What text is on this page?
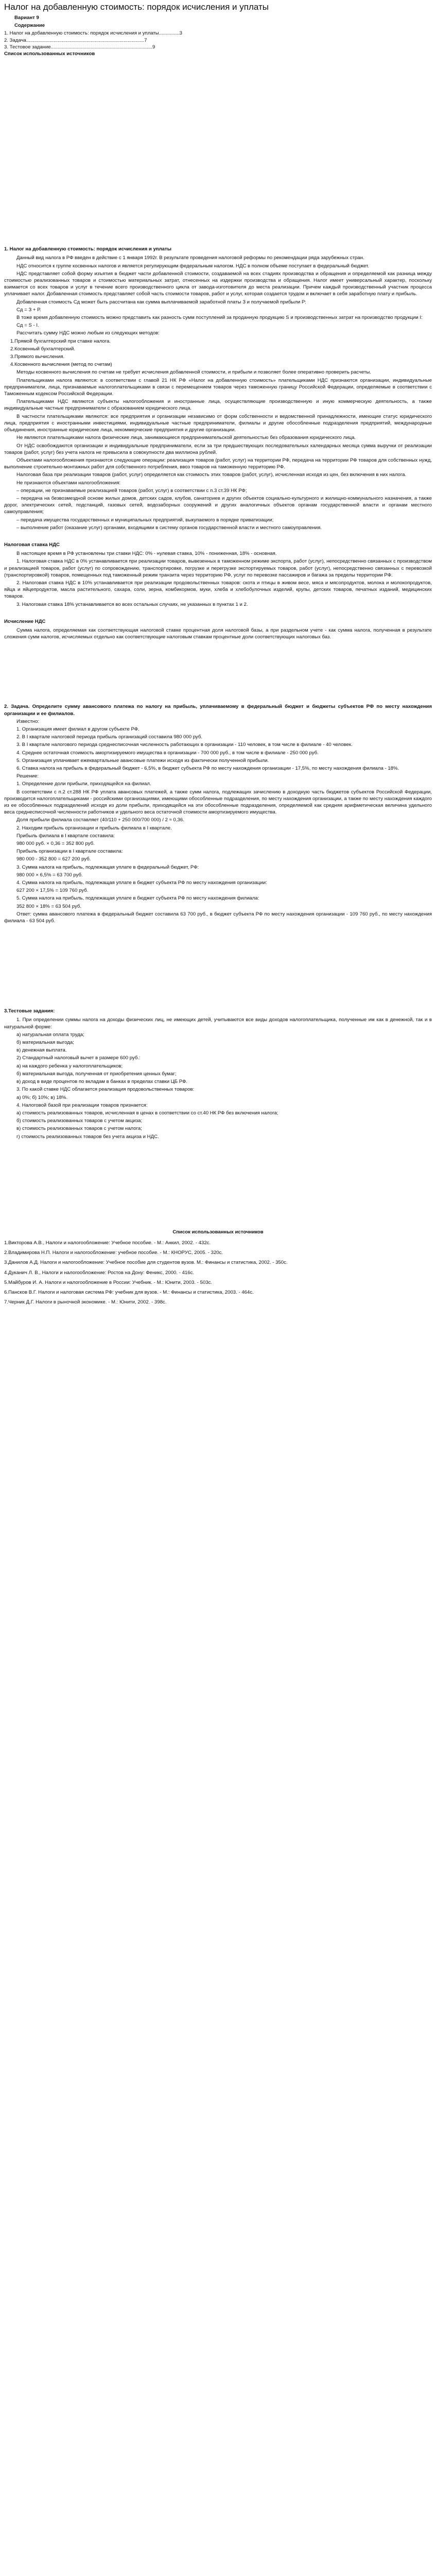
Налог на добавленную стоимость: порядок исчисления и уплаты
Вариант 9
Содержание
1. Налог на добавленную стоимость: порядок исчисления и уплаты...............3
2. Задача......................................................................................7
3. Тестовое задание..........................................................................9
Список использованных источников
1. Налог на добавленную стоимость: порядок исчисления и уплаты

Данный вид налога в РФ введен в действие с 1 января 1992г. В результате проведения налоговой реформы по рекомендации ряда зарубежных стран.

НДС относится к группе косвенных налогов и является регулирующим федеральным налогом. НДС в полном объеме поступает в федеральный бюджет.

НДС представляет собой форму изъятия в бюджет части добавленной стоимости, создаваемой на всех стадиях производства и обращения и определяемой как разница между стоимостью реализованных товаров и стоимостью материальных затрат, отнесенных на издержки производства и обращения. Налог имеет универсальный характер, поскольку взимается со всех товаров и услуг в течение всего производственного цикла от завода-изготовителя до места реализации. Причем каждый производственный участник процесса уплачивает налог. Добавленная стоимость представляет собой часть стоимости товаров, работ и услуг, которая создается трудом и включает в себя заработную плату и прибыль.

Добавленная стоимость Сд может быть рассчитана как сумма выплачиваемой заработной платы З и получаемой прибыли Р:

Сд = З + Р.

В тоже время добавленную стоимость можно представить как разность сумм поступлений за проданную продукцию S и производственных затрат на производство продукции I:

Сд = S - I.

Рассчитать сумму НДС можно любым из следующих методов:

1.Прямой бухгалтерский при ставке налога.
2.Косвенный бухгалтерский.
3.Прямого вычисления.
4.Косвенного вычисления (метод по счетам)

Методы косвенного вычисления по счетам не требует исчисления добавленной стоимости, и прибыли и позволяет более оперативно проверить расчеты.

Плательщиками налога являются: в соответствии с главой 21 НК РФ «Налог на добавленную стоимость» плательщиками НДС признаются организации, индивидуальные предприниматели, лица, признаваемые налогоплательщиками в связи с перемещением товаров через таможенную границу Российской Федерации, определяемые в соответствии с Таможенным кодексом Российской Федерации.

Плательщиками НДС являются субъекты налогообложения и иностранные лица, осуществляющие производственную и иную коммерческую деятельность, а также индивидуальные частные предприниматели с образованием юридического лица.

В частности плательщиками являются: все предприятия и организации независимо от форм собственности и ведомственной принадлежности, имеющие статус юридического лица, предприятия с иностранными инвестициями, индивидуальные частные предприниматели, филиалы и другие обособленные подразделения предприятий, международные объединения, иностранные юридические лица, некоммерческие предприятия и другие организации.

Не являются плательщиками налога физические лица, занимающиеся предпринимательской деятельностью без образования юридического лица.

От НДС освобождаются организации и индивидуальные предприниматели, если за три предшествующих последовательных календарных месяца сумма выручки от реализации товаров (работ, услуг) без учета налога не превысила в совокупности два миллиона рублей.

Объектами налогообложения признаются следующие операции: реализация товаров (работ, услуг) на территории РФ, передача на территории РФ товаров для собственных нужд, выполнение строительно-монтажных работ для собственного потребления, ввоз товаров на таможенную территорию РФ.

Налоговая база при реализации товаров (работ, услуг) определяется как стоимость этих товаров (работ, услуг), исчисленная исходя из цен, без включения в них налога.

Не признаются объектами налогообложения:

– операции, не признаваемые реализацией товаров (работ, услуг) в соответствии с п.3 ст.39 НК РФ;

– передача на безвозмездной основе жилых домов, детских садов, клубов, санаториев и других объектов социально-культурного и жилищно-коммунального назначения, а также дорог, электрических сетей, подстанций, газовых сетей, водозаборных сооружений и других аналогичных объектов органам государственной власти и органам местного самоуправления;

– передача имущества государственных и муниципальных предприятий, выкупаемого в порядке приватизации;

– выполнение работ (оказание услуг) органами, входящими в систему органов государственной власти и местного самоуправления.

Налоговая ставка НДС

В настоящее время в РФ установлены три ставки НДС: 0% - нулевая ставка, 10% - пониженная, 18% - основная.

1. Налоговая ставка НДС в 0% устанавливается при реализации товаров, вывезенных в таможенном режиме экспорта, работ (услуг), непосредственно связанных с производством и реализацией товаров, работ (услуг) по сопровождению, транспортировке, погрузке и перегрузке экспортируемых товаров, работ (услуг), непосредственно связанных с перевозкой (транспортировкой) товаров, помещенных под таможенный режим транзита через территорию РФ, услуг по перевозке пассажиров и багажа за пределы территории РФ.

2. Налоговая ставка НДС в 10% устанавливается при реализации продовольственных товаров: скота и птицы в живом весе, мяса и мясопродуктов, молока и молокопродуктов, яйца и яйцепродуктов, масла растительного, сахара, соли, зерна, комбикормов, муки, хлеба и хлебобулочных изделий, крупы, детских товаров, печатных изданий, медицинских товаров.

3. Налоговая ставка 18% устанавливается во всех остальных случаях, не указанных в пунктах 1 и 2.

Исчисление НДС

Сумма налога, определяемая как соответствующая налоговой ставке процентная доля налоговой базы, а при раздельном учете - как сумма налога, полученная в результате сложения сумм налогов, исчисляемых отдельно как соответствующие налоговым ставкам процентные доли соответствующих налоговых баз.

2. Задача. Определите сумму авансового платежа по налогу на прибыль, уплачиваемому в федеральный бюджет и бюджеты субъектов РФ по месту нахождения организации и ее филиалов.

Известно:

1. Организация имеет филиал в другом субъекте РФ.

2. В I квартале налоговой периода прибыль организаций составила 980 000 руб.

3. В I квартале налогового периода среднесписочная численность работающих в организации - 110 человек, в том числе в филиале - 40 человек.

4. Среднее остаточная стоимость амортизируемого имущества в организации - 700 000 руб., в том числе в филиале - 250 000 руб.

5. Организация уплачивает ежеквартальные авансовые платежи исходя из фактически полученной прибыли.

6. Ставка налога на прибыль в федеральный бюджет - 6,5%, в бюджет субъекта РФ по месту нахождения организации - 17,5%, по месту нахождения филиала - 18%.

Решение:

1. Определение доли прибыли, приходящейся на филиал.

В соответствии с п.2 ст.288 НК РФ уплата авансовых платежей, а также сумм налога, подлежащих зачислению в доходную часть бюджетов субъектов Российской Федерации, производится налогоплательщиками - российскими организациями, имеющими обособленные подразделения, по месту нахождения организации, а также по месту нахождения каждого из ее обособленных подразделений исходя из доли прибыли, приходящейся на эти обособленные подразделения, определяемой как средняя арифметическая величина удельного веса среднесписочной численности работников и удельного веса остаточной стоимости амортизируемого имущества.

Доля прибыли филиала составляет (40/110 + 250 000/700 000) / 2 ≈ 0,36.

2. Находим прибыль организации и прибыль филиала в I квартале.

Прибыль филиала в I квартале составила:

980 000 руб. × 0,36 = 352 800 руб.

Прибыль организации в I квартале составила:

980 000 - 352 800 = 627 200 руб.

3. Сумма налога на прибыль, подлежащая уплате в федеральный бюджет, РФ:

980 000 × 6,5% = 63 700 руб.

4. Сумма налога на прибыль, подлежащая уплате в бюджет субъекта РФ по месту нахождения организации:

627 200 × 17,5% = 109 760 руб.

5. Сумма налога на прибыль, подлежащая уплате в бюджет субъекта РФ по месту нахождения филиала:

352 800 × 18% = 63 504 руб.

Ответ: сумма авансового платежа в федеральный бюджет составила 63 700 руб., в бюджет субъекта РФ по месту нахождения организации - 109 760 руб., по месту нахождения филиала - 63 504 руб.

3.Тестовые задания:

1. При определении суммы налога на доходы физических лиц, не имеющих детей, учитываются все виды доходов налогоплательщика, полученные им как в денежной, так и в натуральной форме:

а) натуральная оплата труда;

б) материальная выгода;

в) денежная выплата.

2) Стандартный налоговый вычет в размере 600 руб.:

а) на каждого ребенка у налогоплательщиков;

б) материальная выгода, полученная от приобретения ценных бумаг;

в) доход в виде процентов по вкладам в банках в пределах ставки ЦБ РФ.

3. По какой ставке НДС облагается реализация продовольственных товаров:

а) 0%; б) 10%; в) 18%.

4. Налоговой базой при реализации товаров признается:

а) стоимость реализованных товаров, исчисленная в ценах в соответствии со ст.40 НК РФ без включения налога;

б) стоимость реализованных товаров с учетом акциза;

в) стоимость реализованных товаров с учетом налога;

г) стоимость реализованных товаров без учета акциза и НДС.

Список использованных источников

1.Викторова А.В., Налоги и налогообложение: Учебное пособие. - М.: Анкил, 2002. - 432с.

2.Владимирова Н.П. Налоги и налогообложение: учебное пособие. - М.: КНОРУС, 2005. - 320с.

3.Данилов А.Д. Налоги и налогообложение: Учебное пособие для студентов вузов. М.: Финансы и статистика, 2002. - 350с.

4.Дуканич Л. В., Налоги и налогообложение: Ростов на Дону: Феникс, 2000. - 416с.

5.Майбуров И. А. Налоги и налогообложение в России: Учебник. - М.: Юнити, 2003. - 503с.

6.Пансков В.Г. Налоги и налоговая система РФ: учебник для вузов. - М.: Финансы и статистика, 2003. - 464с.

7.Черник Д.Г. Налоги в рыночной экономике. - М.: Юнити, 2002. - 398с.
